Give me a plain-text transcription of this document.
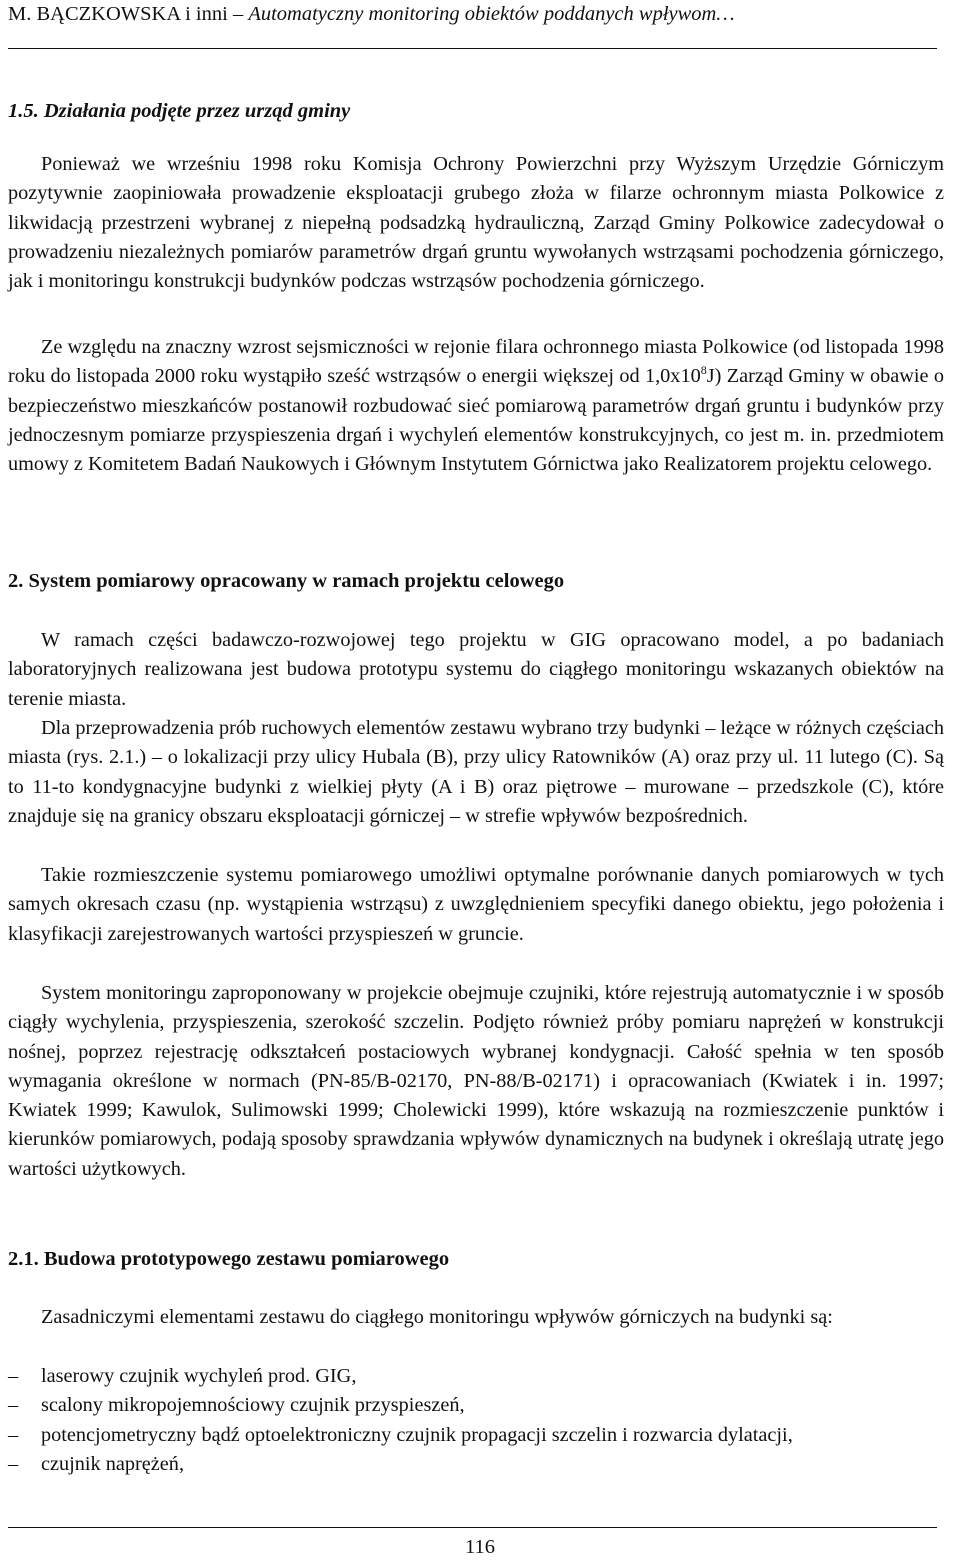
M. BĄCZKOWSKA i inni – Automatyczny monitoring obiektów poddanych wpływom…
1.5. Działania podjęte przez urząd gminy

Ponieważ we wrześniu 1998 roku Komisja Ochrony Powierzchni przy Wyższym Urzędzie Górniczym pozytywnie zaopiniowała prowadzenie eksploatacji grubego złoża w filarze ochronnym miasta Polkowice z likwidacją przestrzeni wybranej z niepełną podsadzką hydrauliczną, Zarząd Gminy Polkowice zadecydował o prowadzeniu niezależnych pomiarów parametrów drgań gruntu wywołanych wstrząsami pochodzenia górniczego, jak i monitoringu konstrukcji budynków podczas wstrząsów pochodzenia górniczego.

Ze względu na znaczny wzrost sejsmiczności w rejonie filara ochronnego miasta Polkowice (od listopada 1998 roku do listopada 2000 roku wystąpiło sześć wstrząsów o energii większej od $1,0x10^8J$) Zarząd Gminy w obawie o bezpieczeństwo mieszkańców postanowił rozbudować sieć pomiarową parametrów drgań gruntu i budynków przy jednoczesnym pomiarze przyspieszenia drgań i wychyleń elementów konstrukcyjnych, co jest m. in. przedmiotem umowy z Komitetem Badań Naukowych i Głównym Instytutem Górnictwa jako Realizatorem projektu celowego.

2. System pomiarowy opracowany w ramach projektu celowego

W ramach części badawczo-rozwojowej tego projektu w GIG opracowano model, a po badaniach laboratoryjnych realizowana jest budowa prototypu systemu do ciągłego monitoringu wskazanych obiektów na terenie miasta.

Dla przeprowadzenia prób ruchowych elementów zestawu wybrano trzy budynki – leżące w różnych częściach miasta (rys. 2.1.) – o lokalizacji przy ulicy Hubala (B), przy ulicy Ratowników (A) oraz przy ul. 11 lutego (C). Są to 11-to kondygnacyjne budynki z wielkiej płyty (A i B) oraz piętrowe – murowane – przedszkole (C), które znajduje się na granicy obszaru eksploatacji górniczej – w strefie wpływów bezpośrednich.

Takie rozmieszczenie systemu pomiarowego umożliwi optymalne porównanie danych pomiarowych w tych samych okresach czasu (np. wystąpienia wstrząsu) z uwzględnieniem specyfiki danego obiektu, jego położenia i klasyfikacji zarejestrowanych wartości przyspieszeń w gruncie.

System monitoringu zaproponowany w projekcie obejmuje czujniki, które rejestrują automatycznie i w sposób ciągły wychylenia, przyspieszenia, szerokość szczelin. Podjęto również próby pomiaru naprężeń w konstrukcji nośnej, poprzez rejestrację odkształceń postaciowych wybranej kondygnacji. Całość spełnia w ten sposób wymagania określone w normach (PN-85/B-02170, PN-88/B-02171) i opracowaniach (Kwiatek i in. 1997; Kwiatek 1999; Kawulok, Sulimowski 1999; Cholewicki 1999), które wskazują na rozmieszczenie punktów i kierunków pomiarowych, podają sposoby sprawdzania wpływów dynamicznych na budynek i określają utratę jego wartości użytkowych.

2.1. Budowa prototypowego zestawu pomiarowego

Zasadniczymi elementami zestawu do ciągłego monitoringu wpływów górniczych na budynki są:

– laserowy czujnik wychyleń prod. GIG,
– scalony mikropojemnościowy czujnik przyspieszeń,
– potencjometryczny bądź optoelektroniczny czujnik propagacji szczelin i rozwarcia dylatacji,
– czujnik naprężeń,
116
